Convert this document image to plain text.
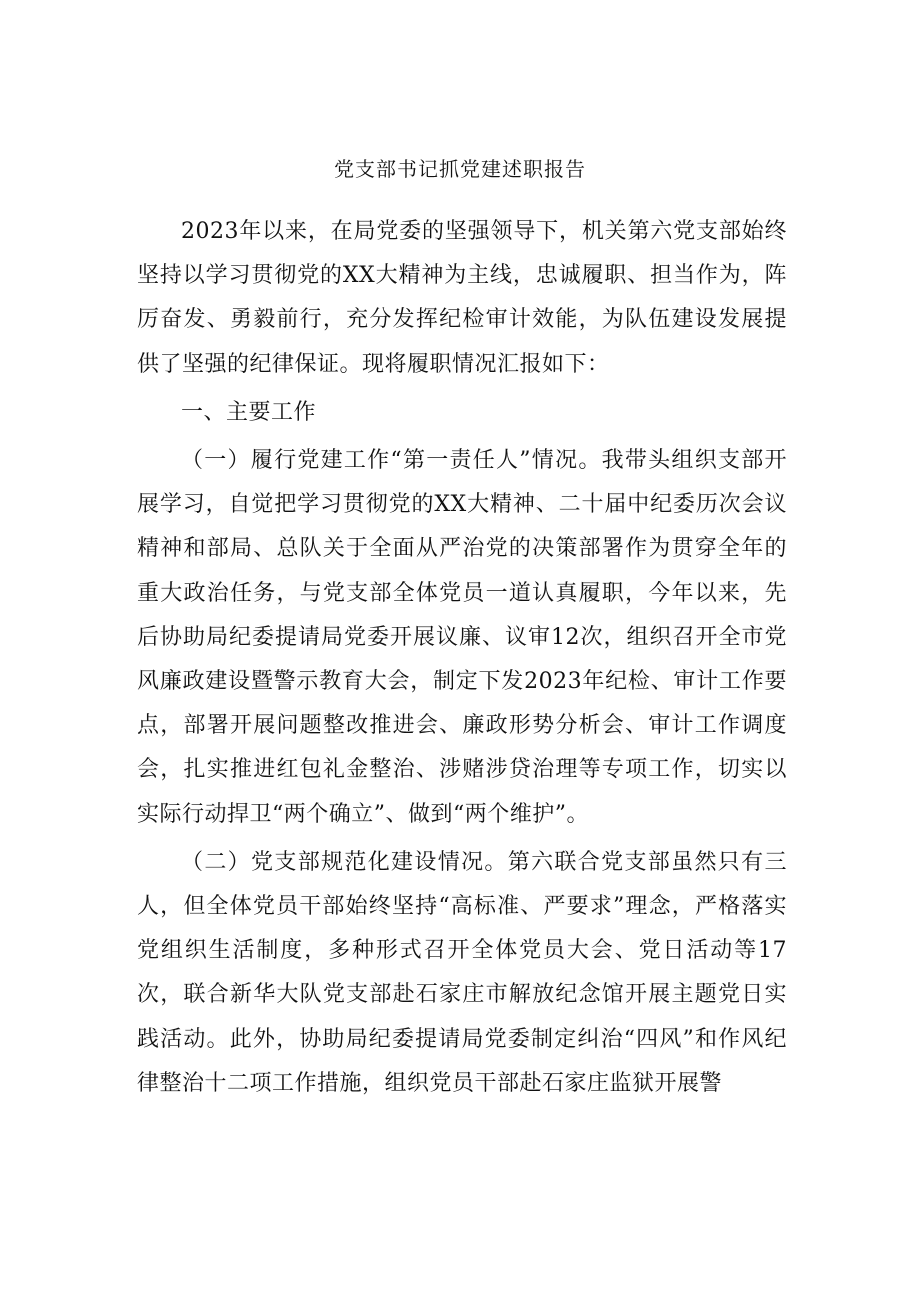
党支部书记抓党建述职报告

2023年以来，在局党委的坚强领导下，机关第六党支部始终坚持以学习贯彻党的XX大精神为主线，忠诚履职、担当作为，阵厉奋发、勇毅前行，充分发挥纪检审计效能，为队伍建设发展提供了坚强的纪律保证。现将履职情况汇报如下：

一、主要工作

（一）履行党建工作“第一责任人”情况。我带头组织支部开展学习，自觉把学习贯彻党的XX大精神、二十届中纪委历次会议精神和部局、总队关于全面从严治党的决策部署作为贯穿全年的重大政治任务，与党支部全体党员一道认真履职，今年以来，先后协助局纪委提请局党委开展议廉、议审12次，组织召开全市党风廉政建设暨警示教育大会，制定下发2023年纪检、审计工作要点，部署开展问题整改推进会、廉政形势分析会、审计工作调度会，扎实推进红包礼金整治、涉赌涉贷治理等专项工作，切实以实际行动捍卫“两个确立”、做到“两个维护”。

（二）党支部规范化建设情况。第六联合党支部虽然只有三人，但全体党员干部始终坚持“高标准、严要求”理念，严格落实党组织生活制度，多种形式召开全体党员大会、党日活动等17次，联合新华大队党支部赴石家庄市解放纪念馆开展主题党日实践活动。此外，协助局纪委提请局党委制定纠治“四风”和作风纪律整治十二项工作措施，组织党员干部赴石家庄监狱开展警
